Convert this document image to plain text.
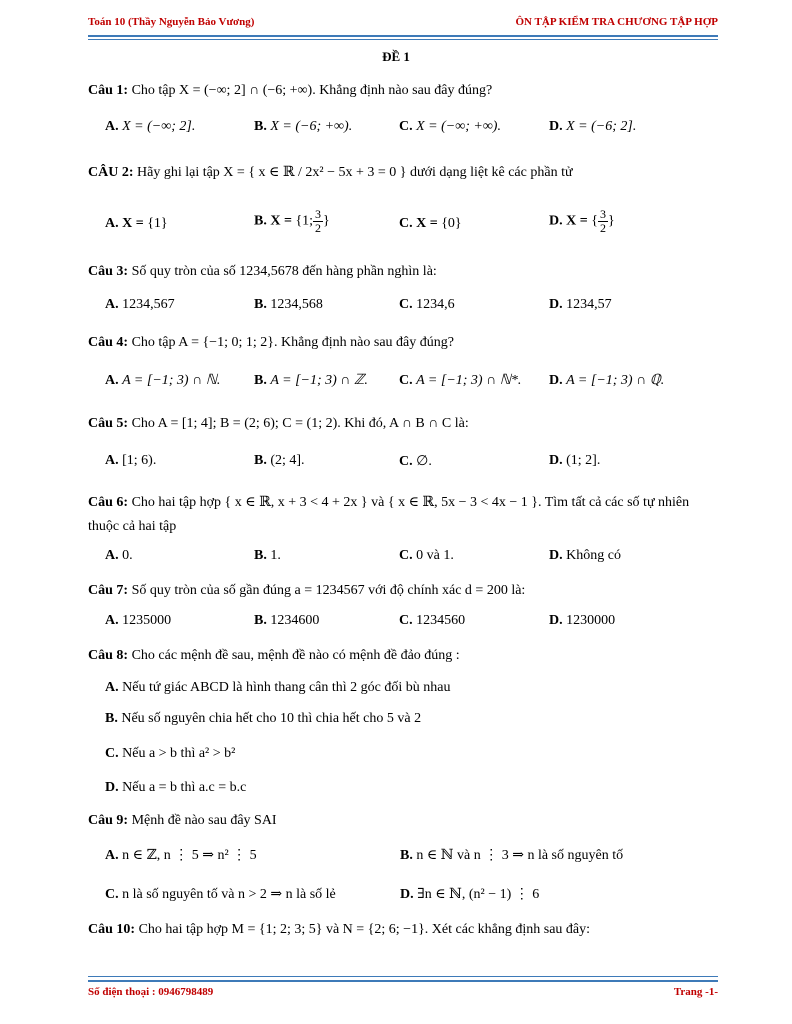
Toán 10 (Thầy Nguyễn Bảo Vương)	ÔN TẬP KIỂM TRA CHƯƠNG TẬP HỢP
ĐỀ 1
Câu 1: Cho tập X = (−∞; 2] ∩ (−6; +∞). Khẳng định nào sau đây đúng?
A. X = (−∞; 2].	B. X = (−6; +∞).	C. X = (−∞; +∞).	D. X = (−6; 2].
CÂU 2: Hãy ghi lại tập X = { x ∈ ℝ / 2x² − 5x + 3 = 0 } dưới dạng liệt kê các phần tử
A. X = {1}	B. X = {1; $\frac{3}{2}$ }	C. X = {0}	D. X = { $\frac{3}{2}$ }
Câu 3: Số quy tròn của số 1234,5678 đến hàng phần nghìn là:
A. 1234,567	B. 1234,568	C. 1234,6	D. 1234,57
Câu 4: Cho tập A = {−1; 0; 1; 2}. Khẳng định nào sau đây đúng?
A. A = [−1; 3) ∩ ℕ. B. A = [−1; 3) ∩ ℤ. C. A = [−1; 3) ∩ ℕ*. D. A = [−1; 3) ∩ ℚ.
Câu 5: Cho A = [1; 4]; B = (2; 6); C = (1; 2). Khi đó, A ∩ B ∩ C là:
A. [1; 6).	B. (2; 4].	C. ∅.	D. (1; 2].
Câu 6: Cho hai tập hợp { x ∈ ℝ, x + 3 < 4 + 2x } và { x ∈ ℝ, 5x − 3 < 4x − 1 }. Tìm tất cả các số tự nhiên
thuộc cả hai tập
A. 0.	B. 1.	C. 0 và 1.	D. Không có
Câu 7: Số quy tròn của số gần đúng a = 1234567 với độ chính xác d = 200 là:
A. 1235000	B. 1234600	C. 1234560	D. 1230000
Câu 8: Cho các mệnh đề sau, mệnh đề nào có mệnh đề đảo đúng :
A. Nếu tứ giác ABCD là hình thang cân thì 2 góc đối bù nhau
B. Nếu số nguyên chia hết cho 10 thì chia hết cho 5 và 2
C. Nếu a > b thì a² > b²
D. Nếu a = b thì a.c = b.c
Câu 9: Mệnh đề nào sau đây SAI
A. n ∈ ℤ, n ⋮ 5 ⇒ n² ⋮ 5	B. n ∈ ℕ và n ⋮ 3 ⇒ n là số nguyên tố
C. n là số nguyên tố và n > 2 ⇒ n là số lẻ	D. ∃n ∈ ℕ, (n² − 1) ⋮ 6
Câu 10: Cho hai tập hợp M = {1; 2; 3; 5} và N = {2; 6; −1}. Xét các khẳng định sau đây:
Số điện thoại : 0946798489	Trang -1-
